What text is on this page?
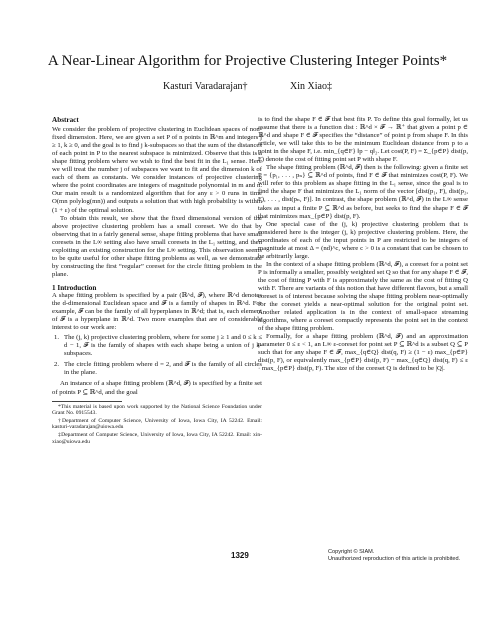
A Near-Linear Algorithm for Projective Clustering Integer Points*
Kasturi Varadarajan†	Xin Xiao‡
Abstract

We consider the problem of projective clustering in Euclidean spaces of non-fixed dimension. Here, we are given a set P of n points in ℝ^m and integers j ≥ 1, k ≥ 0, and the goal is to find j k-subspaces so that the sum of the distances of each point in P to the nearest subspace is minimized. Observe that this is a shape fitting problem where we wish to find the best fit in the L₁ sense. Here we will treat the number j of subspaces we want to fit and the dimension k of each of them as constants. We consider instances of projective clustering where the point coordinates are integers of magnitude polynomial in m and n. Our main result is a randomized algorithm that for any ε > 0 runs in time O(mn polylog(mn)) and outputs a solution that with high probability is within (1 + ε) of the optimal solution.

To obtain this result, we show that the fixed dimensional version of the above projective clustering problem has a small coreset. We do that by observing that in a fairly general sense, shape fitting problems that have small coresets in the L∞ setting also have small coresets in the L₁ setting, and then exploiting an existing construction for the L∞ setting. This observation seems to be quite useful for other shape fitting problems as well, as we demonstrate by constructing the first “regular” coreset for the circle fitting problem in the plane.

1 Introduction

A shape fitting problem is specified by a pair (ℝ^d, 𝓕), where ℝ^d denotes the d-dimensional Euclidean space and 𝓕 is a family of shapes in ℝ^d. For example, 𝓕 can be the family of all hyperplanes in ℝ^d; that is, each element of 𝓕 is a hyperplane in ℝ^d. Two more examples that are of considerable interest to our work are:

1. The (j, k) projective clustering problem, where for some j ≥ 1 and 0 ≤ k ≤ d − 1, 𝓕 is the family of shapes with each shape being a union of j k-subspaces.
2. The circle fitting problem where d = 2, and 𝓕 is the family of all circles in the plane.

An instance of a shape fitting problem (ℝ^d, 𝓕) is specified by a finite set of points P ⊆ ℝ^d, and the goal

*This material is based upon work supported by the National Science Foundation under Grant No. 0915543.

†Department of Computer Science, University of Iowa, Iowa City, IA 52242. Email: kasturi-varadarajan@uiowa.edu

‡Department of Computer Science, University of Iowa, Iowa City, IA 52242. Email: xin-xiao@uiowa.edu

is to find the shape F ∈ 𝓕 that best fits P. To define this goal formally, let us assume that there is a function dist : ℝ^d × 𝓕 → ℝ⁺ that given a point p ∈ ℝ^d and shape F ∈ 𝓕 specifies the “distance” of point p from shape F. In this article, we will take this to be the minimum Euclidean distance from p to a point in the shape F, i.e. min_{q∈F} ‖p − q‖₂. Let cost(P, F) = Σ_{p∈P} dist(p, F) denote the cost of fitting point set P with shape F.

The shape fitting problem (ℝ^d, 𝓕) then is the following: given a finite set P = {p₁, . . . , pₙ} ⊆ ℝ^d of points, find F ∈ 𝓕 that minimizes cost(P, F). We will refer to this problem as shape fitting in the L₁ sense, since the goal is to find the shape F that minimizes the L₁ norm of the vector [dist(p₁, F), dist(p₂, F), . . . , dist(pₙ, F)]. In contrast, the shape problem (ℝ^d, 𝓕) in the L∞ sense takes as input a finite P ⊆ ℝ^d as before, but seeks to find the shape F ∈ 𝓕 that minimizes max_{p∈P} dist(p, F).

One special case of the (j, k) projective clustering problem that is considered here is the integer (j, k) projective clustering problem. Here, the coordinates of each of the input points in P are restricted to be integers of magnitude at most Δ = (nd)^c, where c > 0 is a constant that can be chosen to be arbitrarily large.

In the context of a shape fitting problem (ℝ^d, 𝓕), a coreset for a point set P is informally a smaller, possibly weighted set Q so that for any shape F ∈ 𝓕, the cost of fitting P with F is approximately the same as the cost of fitting Q with F. There are variants of this notion that have different flavors, but a small coreset is of interest because solving the shape fitting problem near-optimally for the coreset yields a near-optimal solution for the original point set. Another related application is in the context of small-space streaming algorithms, where a coreset compactly represents the point set in the context of the shape fitting problem.

Formally, for a shape fitting problem (ℝ^d, 𝓕) and an approximation parameter 0 ≤ ε < 1, an L∞ ε-coreset for point set P ⊆ ℝ^d is a subset Q ⊆ P such that for any shape F ∈ 𝓕, max_{q∈Q} dist(q, F) ≥ (1 − ε) max_{p∈P} dist(p, F), or equivalently max_{p∈P} dist(p, F) − max_{q∈Q} dist(q, F) ≤ ε · max_{p∈P} dist(p, F). The size of the coreset Q is defined to be |Q|.

1329	Copyright © SIAM.
Unauthorized reproduction of this article is prohibited.
